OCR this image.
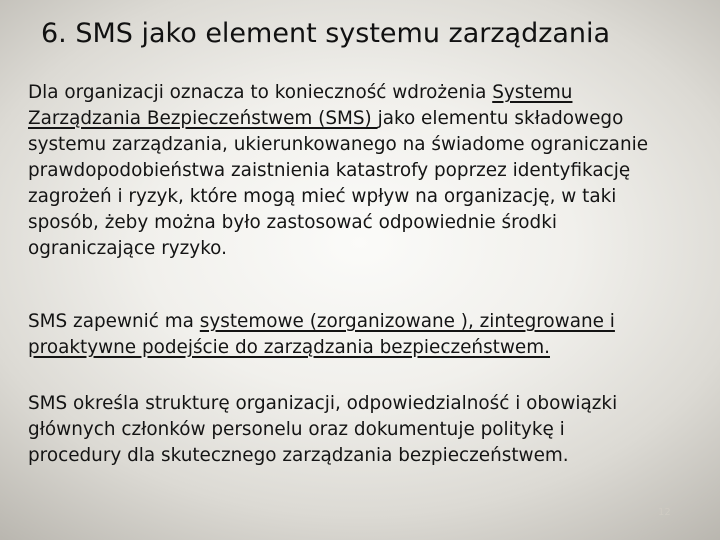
6. SMS jako element systemu zarządzania

Dla organizacji oznacza to konieczność wdrożenia Systemu
Zarządzania Bezpieczeństwem (SMS) jako elementu składowego
systemu zarządzania, ukierunkowanego na świadome ograniczanie
prawdopodobieństwa zaistnienia katastrofy poprzez identyfikację
zagrożeń i ryzyk, które mogą mieć wpływ na organizację, w taki
sposób, żeby można było zastosować odpowiednie środki
ograniczające ryzyko.

SMS zapewnić ma systemowe (zorganizowane ), zintegrowane i
proaktywne podejście do zarządzania bezpieczeństwem.

SMS określa strukturę organizacji, odpowiedzialność i obowiązki
głównych członków personelu oraz dokumentuje politykę i
procedury dla skutecznego zarządzania bezpieczeństwem.

12
